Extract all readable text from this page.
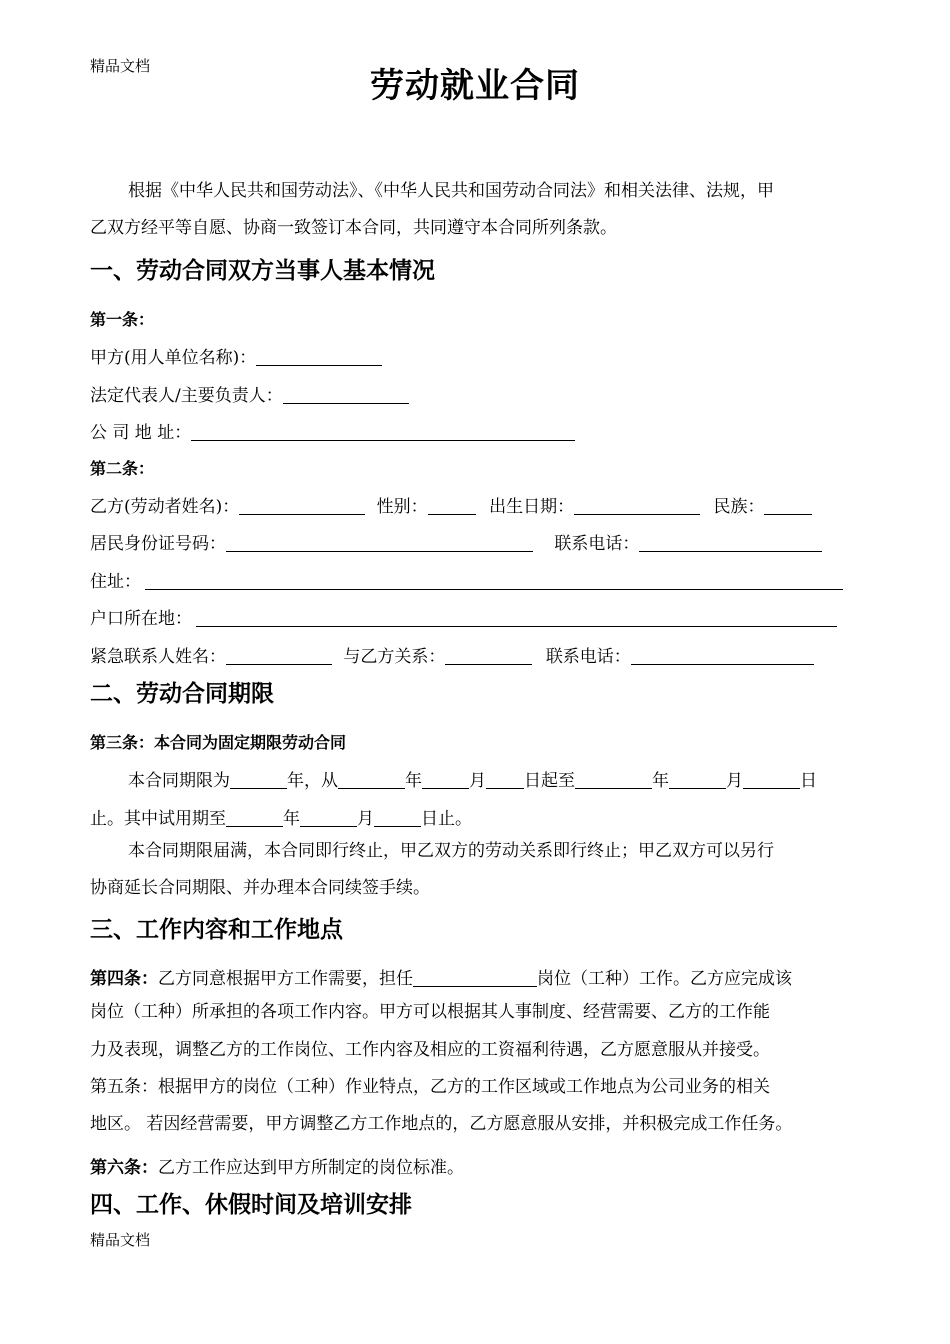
精品文档	劳动就业合同
根据《中华人民共和国劳动法》、《中华人民共和国劳动合同法》和相关法律、法规，甲
乙双方经平等自愿、协商一致签订本合同，共同遵守本合同所列条款。
一、劳动合同双方当事人基本情况
第一条：
甲方(用人单位名称)：
法定代表人/主要负责人：
公 司 地 址：
第二条：
乙方(劳动者姓名)：	性别：	出生日期：	民族：
居民身份证号码：	联系电话：
住址：
户口所在地：
紧急联系人姓名：	与乙方关系：	联系电话：
二、劳动合同期限
第三条：本合同为固定期限劳动合同
本合同期限为	年，从	年	月 日起至	年	月	日
止。其中试用期至	年	月	日止。
本合同期限届满，本合同即行终止，甲乙双方的劳动关系即行终止；甲乙双方可以另行
协商延长合同期限、并办理本合同续签手续。
三、工作内容和工作地点
第四条：乙方同意根据甲方工作需要，担任	岗位（工种）工作。乙方应完成该
岗位（工种）所承担的各项工作内容。甲方可以根据其人事制度、经营需要、乙方的工作能
力及表现，调整乙方的工作岗位、工作内容及相应的工资福利待遇，乙方愿意服从并接受。
第五条：根据甲方的岗位（工种）作业特点，乙方的工作区域或工作地点为公司业务的相关
地区。 若因经营需要，甲方调整乙方工作地点的，乙方愿意服从安排，并积极完成工作任务。
第六条：乙方工作应达到甲方所制定的岗位标准。
四、工作、休假时间及培训安排
精品文档
